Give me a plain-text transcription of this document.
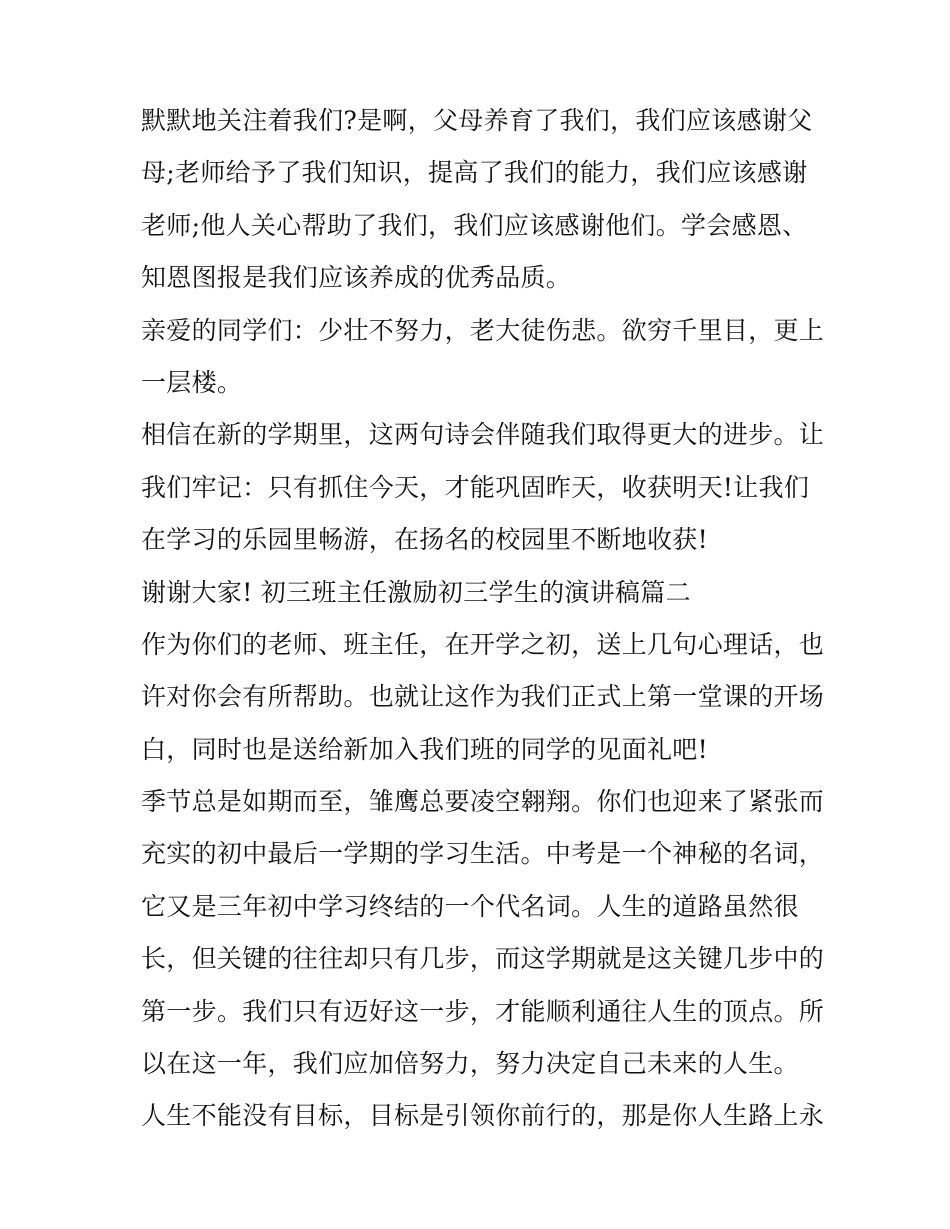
默默地关注着我们?是啊，父母养育了我们，我们应该感谢父
母;老师给予了我们知识，提高了我们的能力，我们应该感谢
老师;他人关心帮助了我们，我们应该感谢他们。学会感恩、
知恩图报是我们应该养成的优秀品质。
亲爱的同学们：少壮不努力，老大徒伤悲。欲穷千里目，更上
一层楼。
相信在新的学期里，这两句诗会伴随我们取得更大的进步。让
我们牢记：只有抓住今天，才能巩固昨天，收获明天!让我们
在学习的乐园里畅游，在扬名的校园里不断地收获!
谢谢大家! 初三班主任激励初三学生的演讲稿篇二
作为你们的老师、班主任，在开学之初，送上几句心理话，也
许对你会有所帮助。也就让这作为我们正式上第一堂课的开场
白，同时也是送给新加入我们班的同学的见面礼吧!
季节总是如期而至，雏鹰总要凌空翱翔。你们也迎来了紧张而
充实的初中最后一学期的学习生活。中考是一个神秘的名词，
它又是三年初中学习终结的一个代名词。人生的道路虽然很
长，但关键的往往却只有几步，而这学期就是这关键几步中的
第一步。我们只有迈好这一步，才能顺利通往人生的顶点。所
以在这一年，我们应加倍努力，努力决定自己未来的人生。
人生不能没有目标，目标是引领你前行的，那是你人生路上永
